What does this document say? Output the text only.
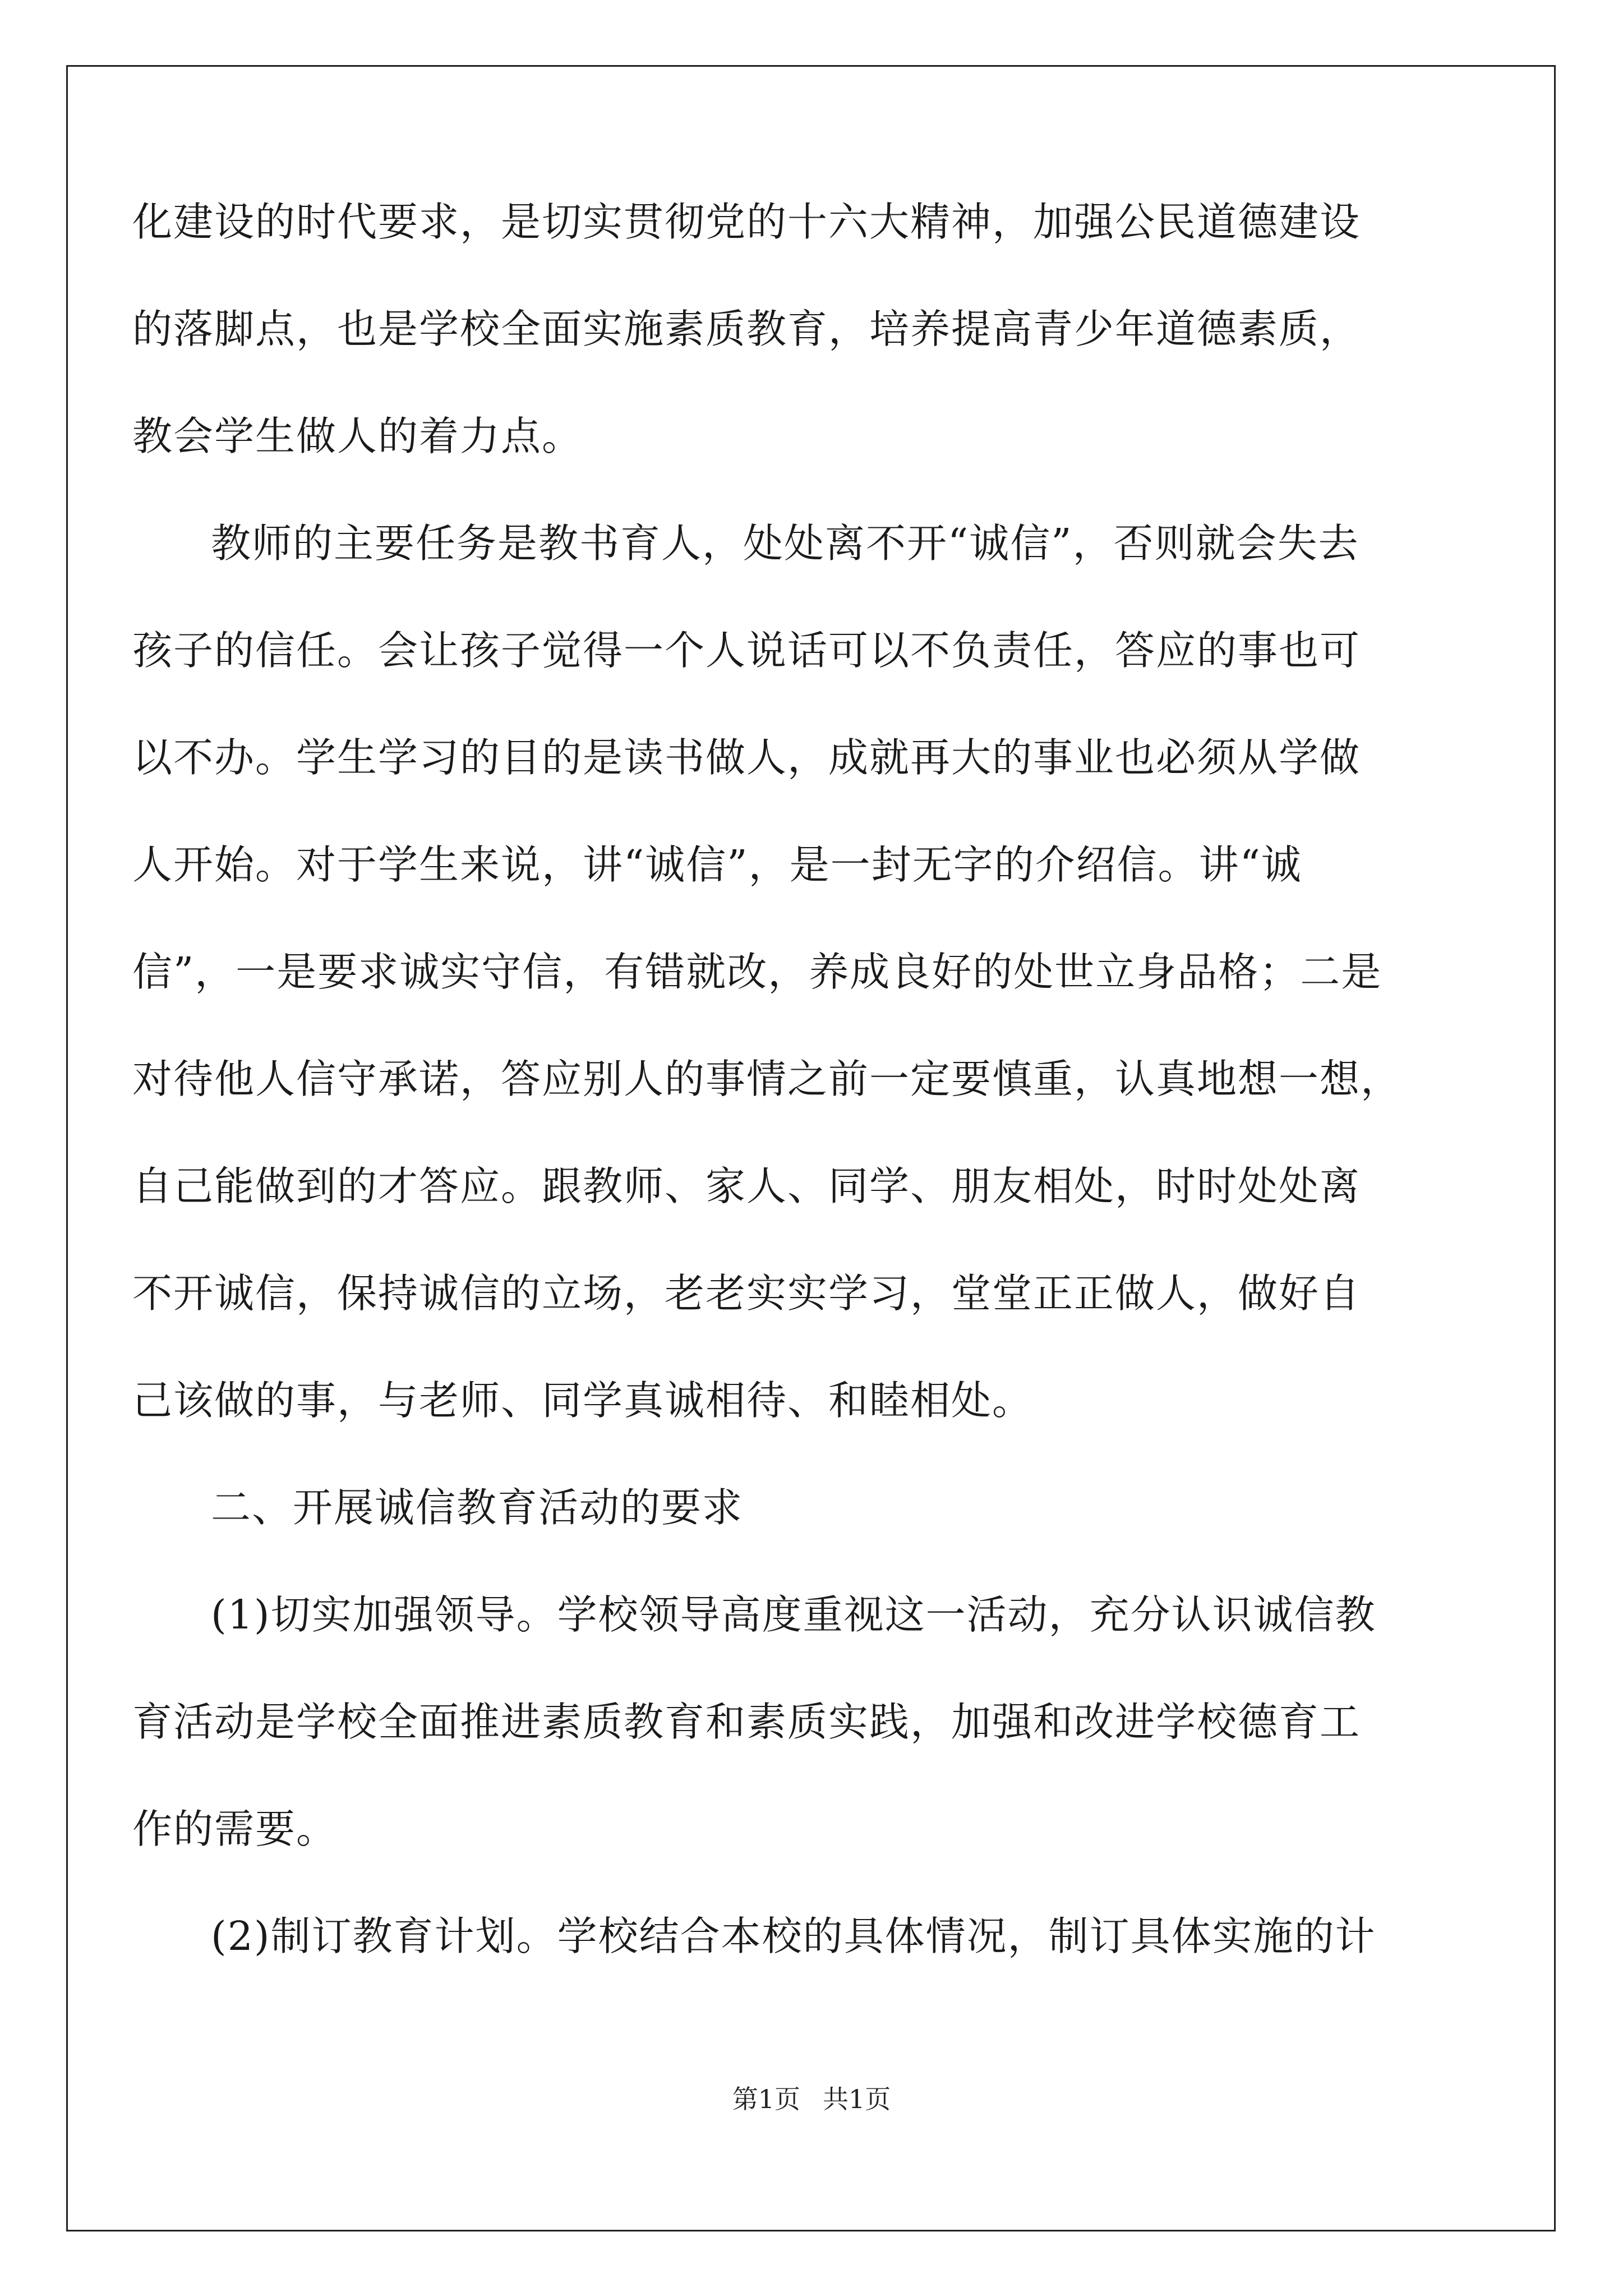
化建设的时代要求，是切实贯彻党的十六大精神，加强公民道德建设

的落脚点，也是学校全面实施素质教育，培养提高青少年道德素质，

教会学生做人的着力点。

教师的主要任务是教书育人，处处离不开“诚信”，否则就会失去

孩子的信任。会让孩子觉得一个人说话可以不负责任，答应的事也可

以不办。学生学习的目的是读书做人，成就再大的事业也必须从学做

人开始。对于学生来说，讲“诚信”，是一封无字的介绍信。讲“诚

信”，一是要求诚实守信，有错就改，养成良好的处世立身品格；二是

对待他人信守承诺，答应别人的事情之前一定要慎重，认真地想一想，

自己能做到的才答应。跟教师、家人、同学、朋友相处，时时处处离

不开诚信，保持诚信的立场，老老实实学习，堂堂正正做人，做好自

己该做的事，与老师、同学真诚相待、和睦相处。

二、开展诚信教育活动的要求

(1)切实加强领导。学校领导高度重视这一活动，充分认识诚信教

育活动是学校全面推进素质教育和素质实践，加强和改进学校德育工

作的需要。

(2)制订教育计划。学校结合本校的具体情况，制订具体实施的计

第1页 共1页
